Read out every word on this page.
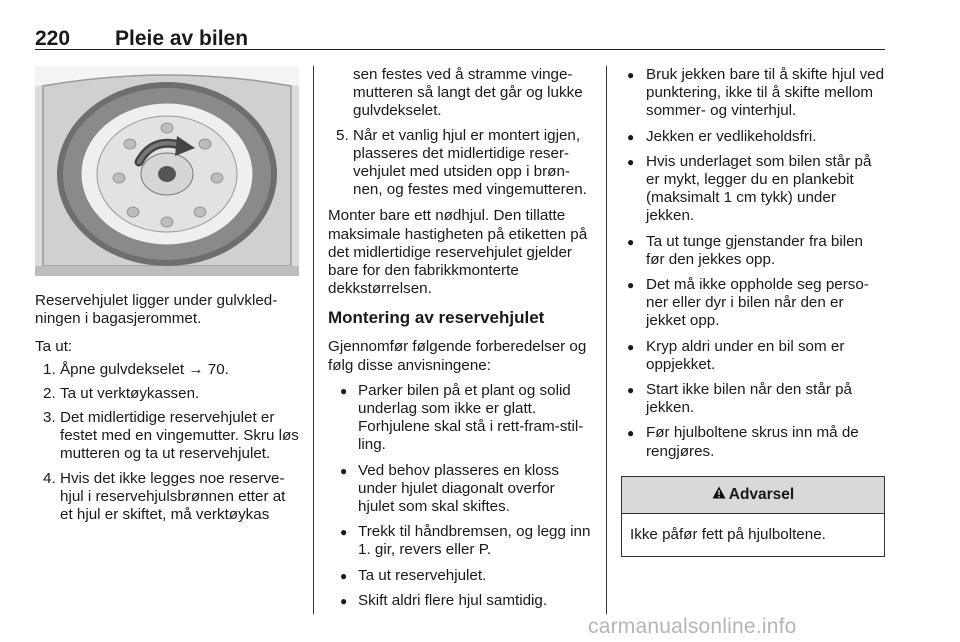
220 Pleie av bilen

Reservehjulet ligger under gulvkledningen i bagasjerommet.

Ta ut:

1. Åpne gulvdekselet → 70.
2. Ta ut verktøykassen.
3. Det midlertidige reservehjulet er festet med en vingemutter. Skru løs mutteren og ta ut reservehjulet.
4. Hvis det ikke legges noe reservehjul i reservehjulsbrønnen etter at et hjul er skiftet, må verktøykas
sen festes ved å stramme vingemutteren så langt det går og lukke gulvdekselet.
5. Når et vanlig hjul er montert igjen, plasseres det midlertidige reservehjulet med utsiden opp i brønnen, og festes med vingemutteren.

Monter bare ett nødhjul. Den tillatte maksimale hastigheten på etiketten på det midlertidige reservehjulet gjelder bare for den fabrikkmonterte dekkstørrelsen.

Montering av reservehjulet

Gjennomfør følgende forberedelser og følg disse anvisningene:

● Parker bilen på et plant og solid underlag som ikke er glatt. Forhjulene skal stå i rett-fram-stilling.
● Ved behov plasseres en kloss under hjulet diagonalt overfor hjulet som skal skiftes.
● Trekk til håndbremsen, og legg inn 1. gir, revers eller P.
● Ta ut reservehjulet.
● Skift aldri flere hjul samtidig.
● Bruk jekken bare til å skifte hjul ved punktering, ikke til å skifte mellom sommer- og vinterhjul.
● Jekken er vedlikeholdsfri.
● Hvis underlaget som bilen står på er mykt, legger du en plankebit (maksimalt 1 cm tykk) under jekken.
● Ta ut tunge gjenstander fra bilen før den jekkes opp.
● Det må ikke oppholde seg personer eller dyr i bilen når den er jekket opp.
● Kryp aldri under en bil som er oppjekket.
● Start ikke bilen når den står på jekken.
● Før hjulboltene skrus inn må de rengjøres.
Advarsel
Ikke påfør fett på hjulboltene.
carmanualsonline.info
